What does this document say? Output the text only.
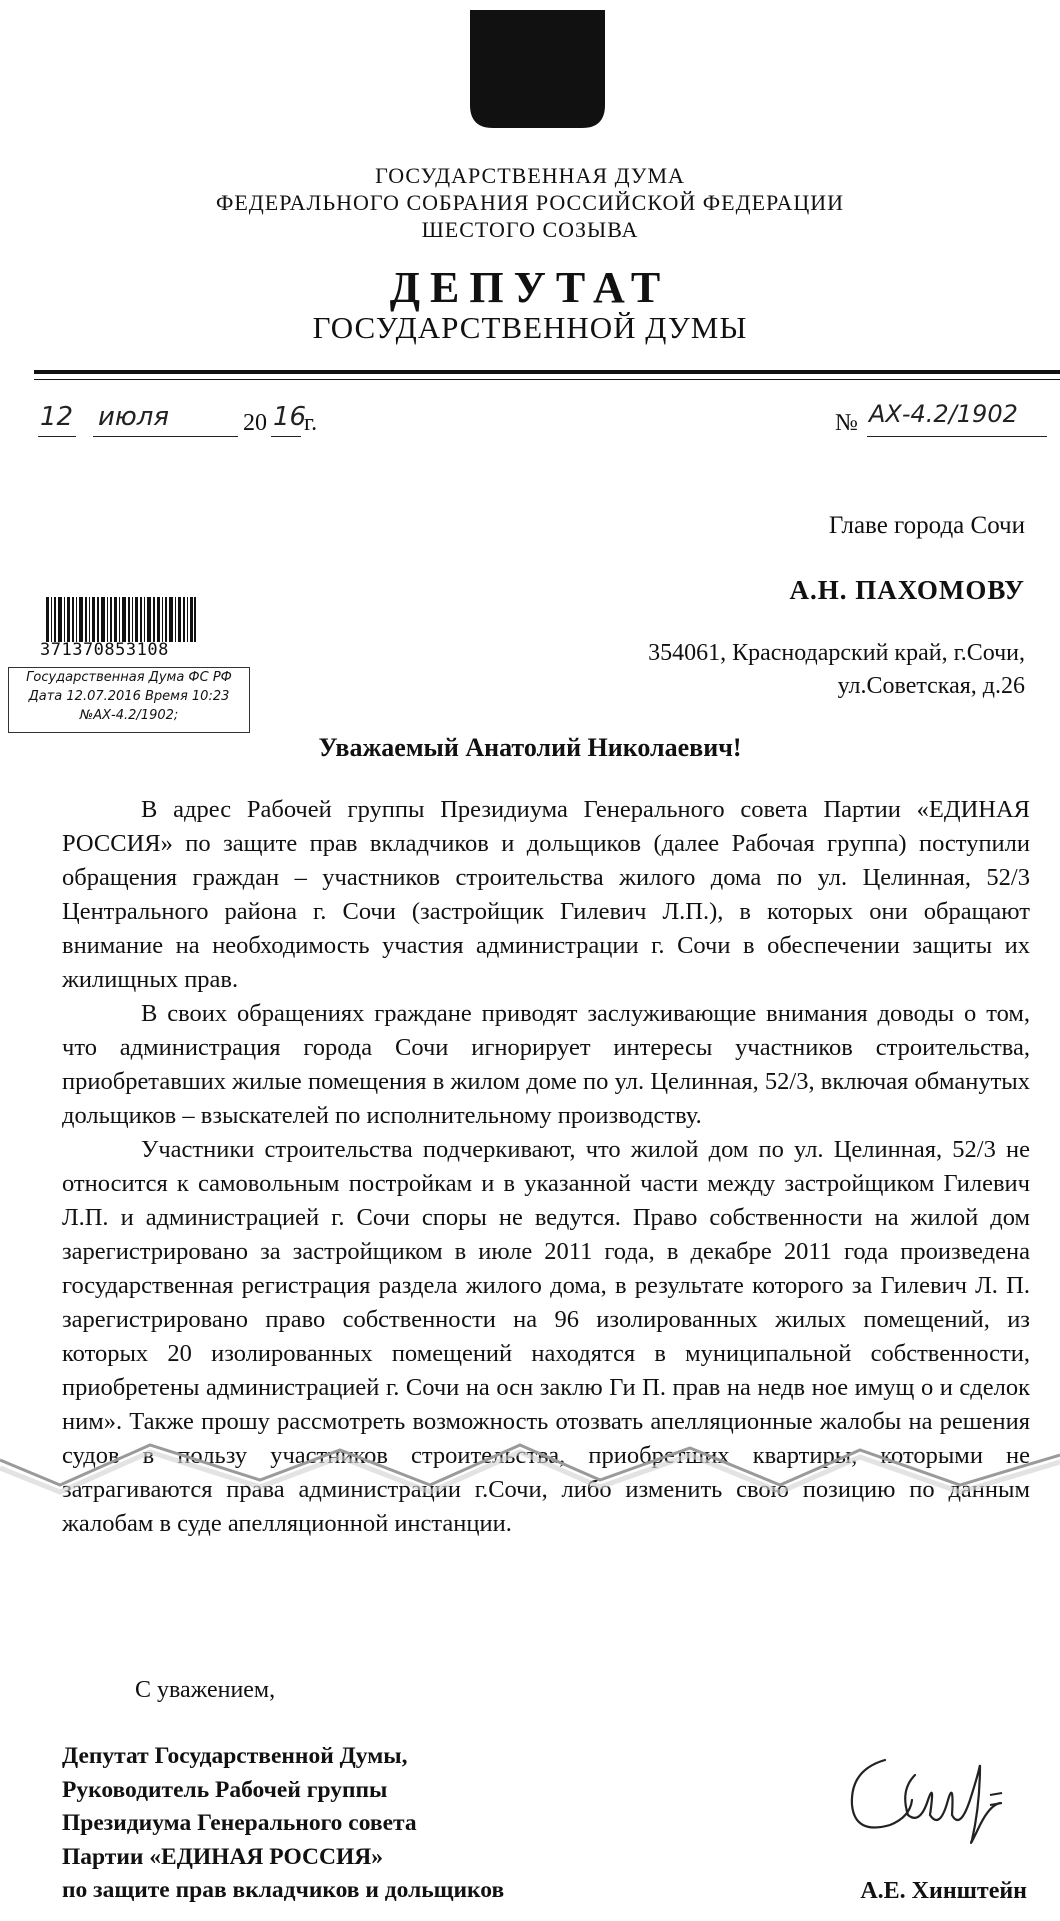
ГОСУДАРСТВЕННАЯ ДУМА
ФЕДЕРАЛЬНОГО СОБРАНИЯ РОССИЙСКОЙ ФЕДЕРАЦИИ
ШЕСТОГО СОЗЫВА
ДЕПУТАТ
ГОСУДАРСТВЕННОЙ ДУМЫ
12 июля	20 16
г.	№ АХ-4.2/1902
Главе города Сочи
А.Н. ПАХОМОВУ
354061, Краснодарский край, г.Сочи,
ул.Советская, д.26
371370853108
Государственная Дума ФС РФ
Дата 12.07.2016 Время 10:23
№АХ-4.2/1902;
Уважаемый Анатолий Николаевич!

В адрес Рабочей группы Президиума Генерального совета Партии «ЕДИНАЯ РОССИЯ» по защите прав вкладчиков и дольщиков (далее Рабочая группа) поступили обращения граждан – участников строительства жилого дома по ул. Целинная, 52/3 Центрального района г. Сочи (застройщик Гилевич Л.П.), в которых они обращают внимание на необходимость участия администрации г. Сочи в обеспечении защиты их жилищных прав.

В своих обращениях граждане приводят заслуживающие внимания доводы о том, что администрация города Сочи игнорирует интересы участников строительства, приобретавших жилые помещения в жилом доме по ул. Целинная, 52/3, включая обманутых дольщиков – взыскателей по исполнительному производству.

Участники строительства подчеркивают, что жилой дом по ул. Целинная, 52/3 не относится к самовольным постройкам и в указанной части между застройщиком Гилевич Л.П. и администрацией г. Сочи споры не ведутся. Право собственности на жилой дом зарегистрировано за застройщиком в июле 2011 года, в декабре 2011 года произведена государственная регистрация раздела жилого дома, в результате которого за Гилевич Л. П. зарегистрировано право собственности на 96 изолированных жилых помещений, из которых 20 изолированных помещений находятся в муниципальной собственности, приобретены администрацией г. Сочи на осн заклю Ги П. прав на недв ное имущ о и сделок ним». Также прошу рассмотреть возможность отозвать апелляционные жалобы на решения судов в пользу участников строительства, приобретших квартиры, которыми не затрагиваются права администрации г.Сочи, либо изменить свою позицию по данным жалобам в суде апелляционной инстанции.

С уважением,
Депутат Государственной Думы,
Руководитель Рабочей группы
Президиума Генерального совета
Партии «ЕДИНАЯ РОССИЯ»
по защите прав вкладчиков и дольщиков	А.Е. Хинштейн
